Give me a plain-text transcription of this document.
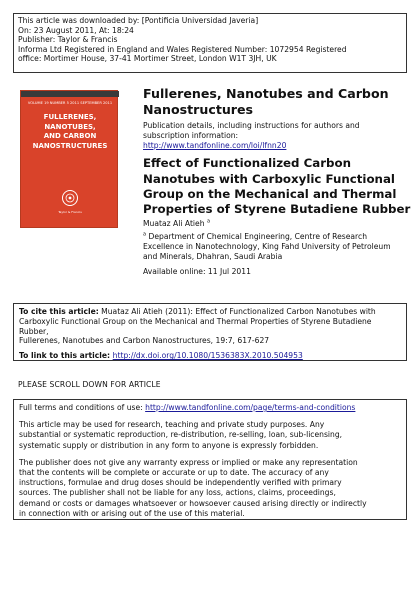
This article was downloaded by: [Pontificia Universidad Javeria]
On: 23 August 2011, At: 18:24
Publisher: Taylor & Francis
Informa Ltd Registered in England and Wales Registered Number: 1072954 Registered
office: Mortimer House, 37-41 Mortimer Street, London W1T 3JH, UK
VOLUME 19 NUMBER 5 2011 SEPTEMBER 2011
FULLERENES,
NANOTUBES,
AND CARBON
NANOSTRUCTURES
Taylor & Francis
Fullerenes, Nanotubes and Carbon
Nanostructures
Publication details, including instructions for authors and
subscription information:
http://www.tandfonline.com/loi/lfnn20
Effect of Functionalized Carbon
Nanotubes with Carboxylic Functional
Group on the Mechanical and Thermal
Properties of Styrene Butadiene Rubber
Muataz Ali Atieh $^a$
$^a$ Department of Chemical Engineering, Centre of Research
Excellence in Nanotechnology, King Fahd University of Petroleum
and Minerals, Dhahran, Saudi Arabia
Available online: 11 Jul 2011
To cite this article: Muataz Ali Atieh (2011): Effect of Functionalized Carbon Nanotubes with
Carboxylic Functional Group on the Mechanical and Thermal Properties of Styrene Butadiene Rubber,
Fullerenes, Nanotubes and Carbon Nanostructures, 19:7, 617-627
To link to this article: http://dx.doi.org/10.1080/1536383X.2010.504953
PLEASE SCROLL DOWN FOR ARTICLE
Full terms and conditions of use: http://www.tandfonline.com/page/terms-and-conditions

This article may be used for research, teaching and private study purposes. Any
substantial or systematic reproduction, re-distribution, re-selling, loan, sub-licensing,
systematic supply or distribution in any form to anyone is expressly forbidden.

The publisher does not give any warranty express or implied or make any representation
that the contents will be complete or accurate or up to date. The accuracy of any
instructions, formulae and drug doses should be independently verified with primary
sources. The publisher shall not be liable for any loss, actions, claims, proceedings,
demand or costs or damages whatsoever or howsoever caused arising directly or indirectly
in connection with or arising out of the use of this material.
